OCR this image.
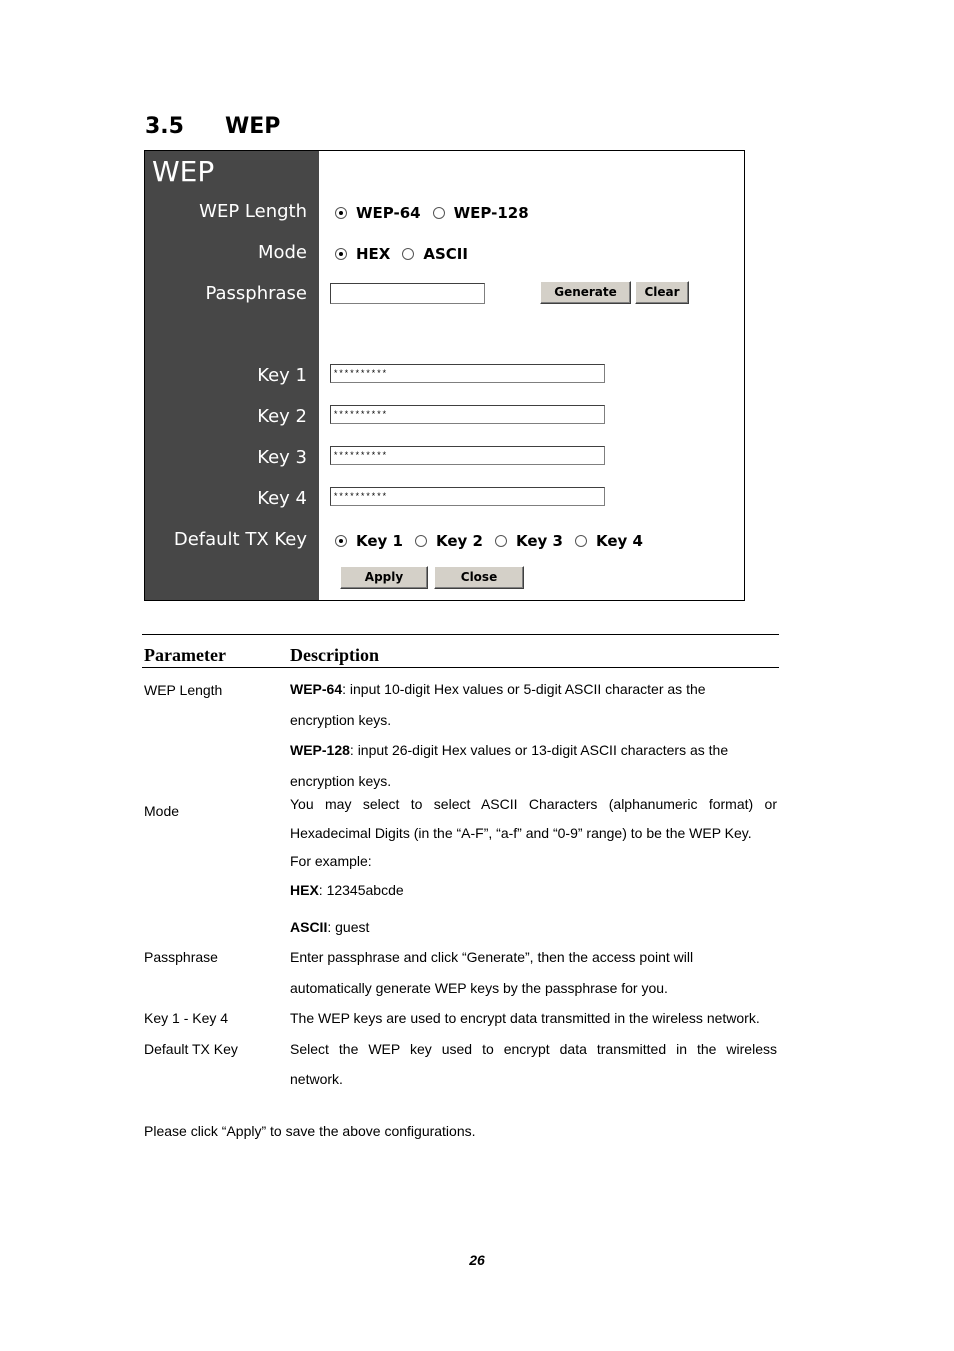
3.5 WEP
WEP
WEP Length	WEP-64 WEP-128
Mode	HEX ASCII
Passphrase	Generate	Clear
Key 1	**********
Key 2	**********
Key 3	**********
Key 4	**********
Default TX Key	Key 1 Key 2 Key 3 Key 4
Apply	Close
Parameter	Description
WEP Length	WEP-64: input 10-digit Hex values or 5-digit ASCII character as the
encryption keys.
WEP-128: input 26-digit Hex values or 13-digit ASCII characters as the
encryption keys.
Mode	You may select to select ASCII Characters (alphanumeric format) or
Hexadecimal Digits (in the “A-F”, “a-f” and “0-9” range) to be the WEP Key.
For example:
HEX: 12345abcde
ASCII: guest
Passphrase	Enter passphrase and click “Generate”, then the access point will
automatically generate WEP keys by the passphrase for you.
Key 1 - Key 4	The WEP keys are used to encrypt data transmitted in the wireless network.
Default TX Key	Select the WEP key used to encrypt data transmitted in the wireless
network.
Please click “Apply” to save the above configurations.
26
